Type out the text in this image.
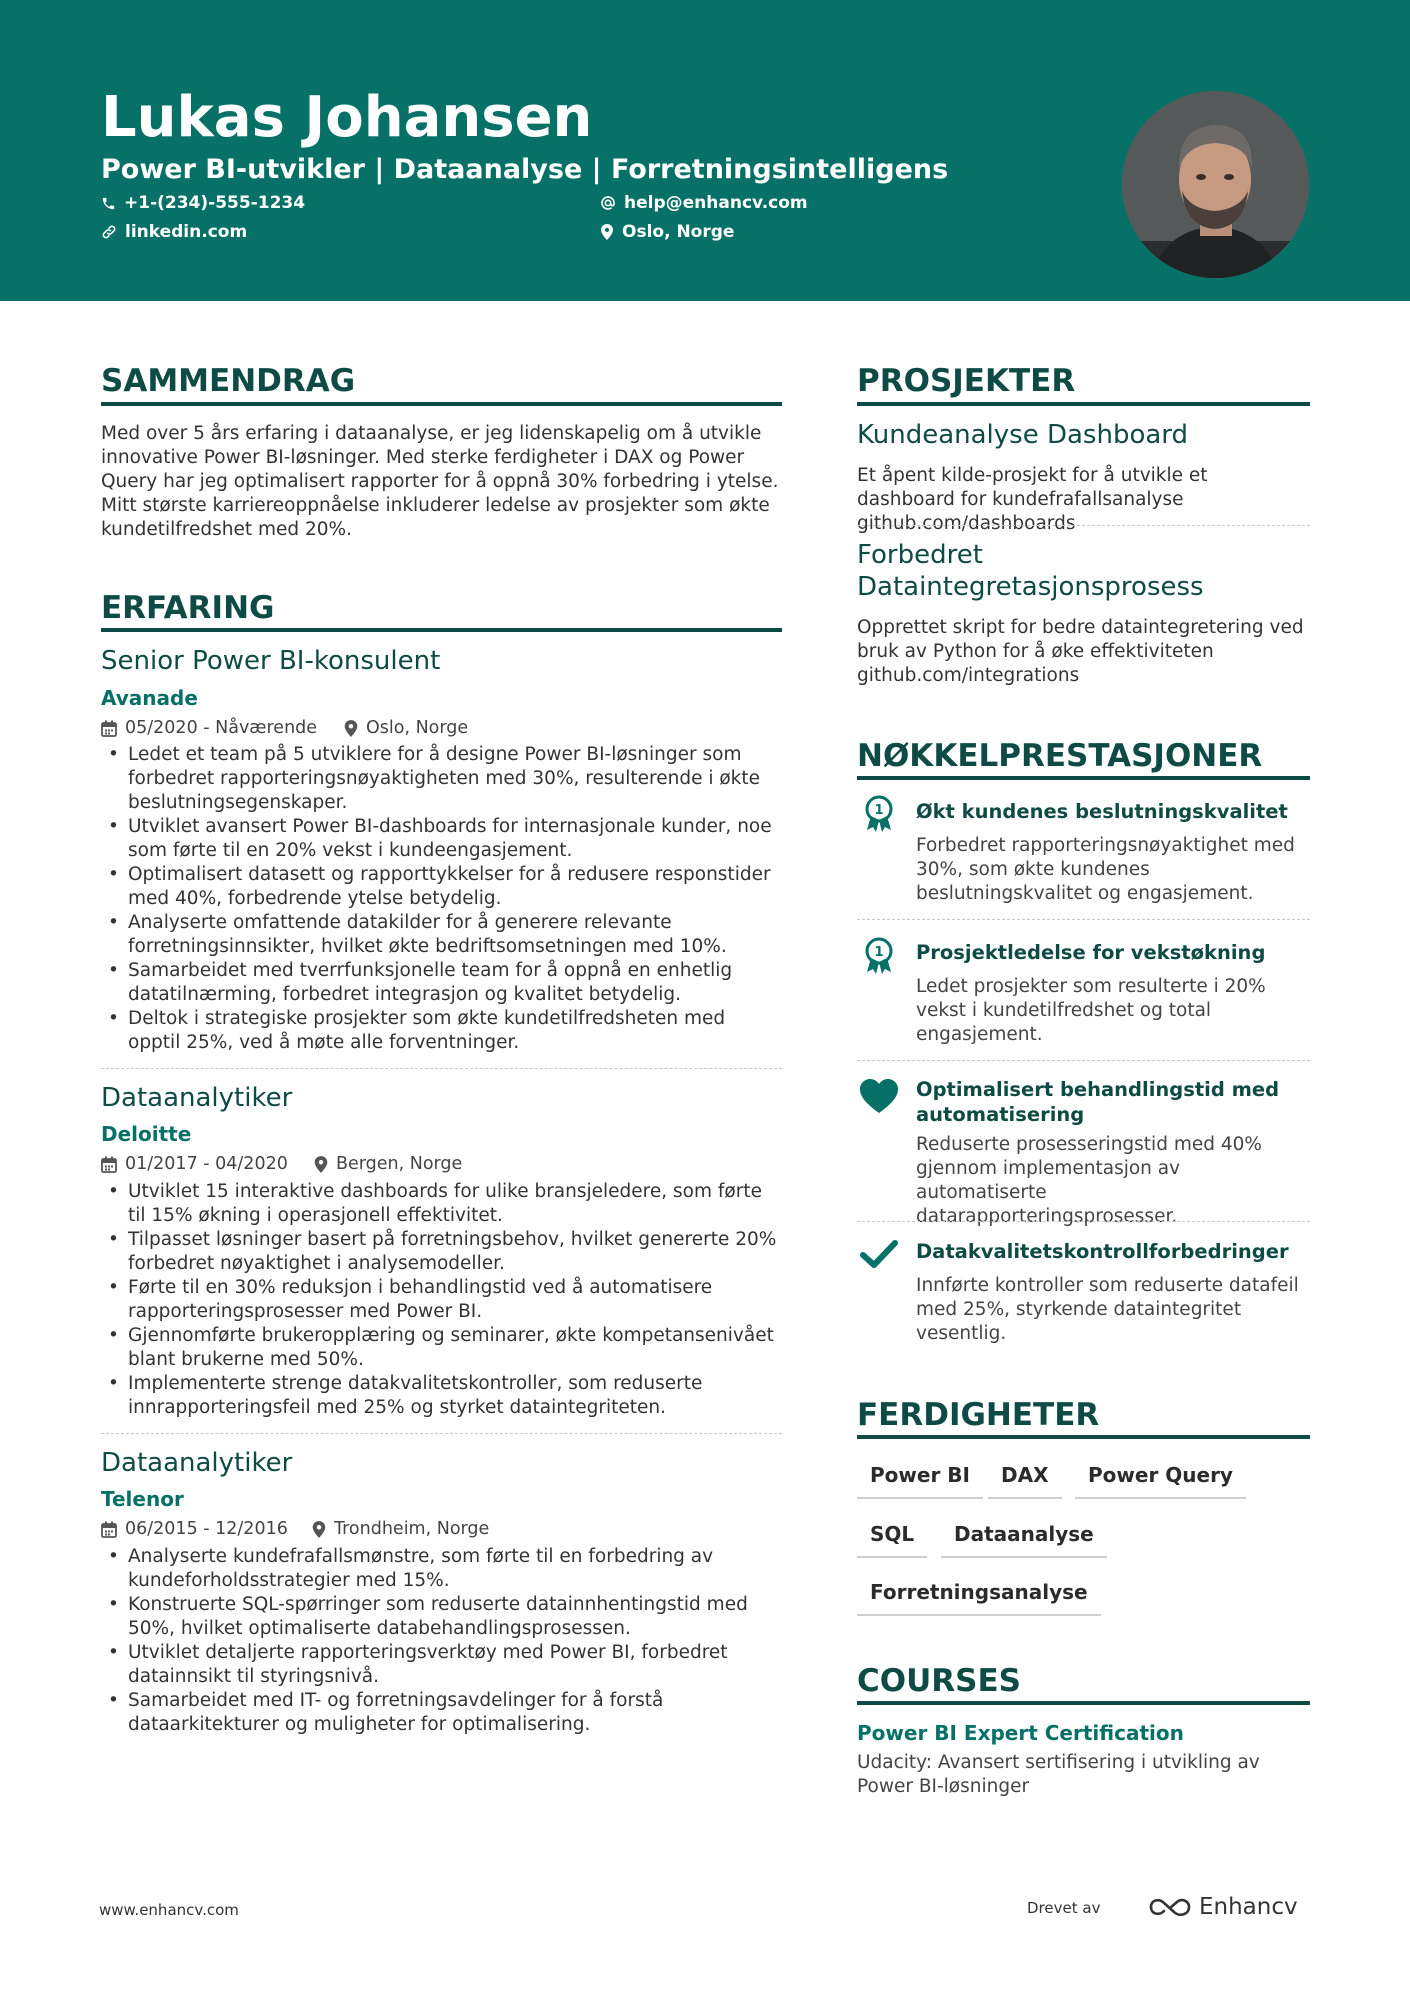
Lukas Johansen
Power BI-utvikler | Dataanalyse | Forretningsintelligens
+1-(234)-555-1234	help@enhancv.com
linkedin.com	Oslo, Norge
SAMMENDRAG
Med over 5 års erfaring i dataanalyse, er jeg lidenskapelig om å utvikle innovative Power BI-løsninger. Med sterke ferdigheter i DAX og Power Query har jeg optimalisert rapporter for å oppnå 30% forbedring i ytelse. Mitt største karriereoppnåelse inkluderer ledelse av prosjekter som økte kundetilfredshet med 20%.
ERFARING
Senior Power BI-konsulent
Avanade
05/2020 - Nåværende	Oslo, Norge
• Ledet et team på 5 utviklere for å designe Power BI-løsninger som forbedret rapporteringsnøyaktigheten med 30%, resulterende i økte beslutningsegenskaper.
• Utviklet avansert Power BI-dashboards for internasjonale kunder, noe som førte til en 20% vekst i kundeengasjement.
• Optimalisert datasett og rapporttykkelser for å redusere responstider med 40%, forbedrende ytelse betydelig.
• Analyserte omfattende datakilder for å generere relevante forretningsinnsikter, hvilket økte bedriftsomsetningen med 10%.
• Samarbeidet med tverrfunksjonelle team for å oppnå en enhetlig datatilnærming, forbedret integrasjon og kvalitet betydelig.
• Deltok i strategiske prosjekter som økte kundetilfredsheten med opptil 25%, ved å møte alle forventninger.
Dataanalytiker
Deloitte
01/2017 - 04/2020	Bergen, Norge
• Utviklet 15 interaktive dashboards for ulike bransjeledere, som førte til 15% økning i operasjonell effektivitet.
• Tilpasset løsninger basert på forretningsbehov, hvilket genererte 20% forbedret nøyaktighet i analysemodeller.
• Førte til en 30% reduksjon i behandlingstid ved å automatisere rapporteringsprosesser med Power BI.
• Gjennomførte brukeropplæring og seminarer, økte kompetansenivået blant brukerne med 50%.
• Implementerte strenge datakvalitetskontroller, som reduserte innrapporteringsfeil med 25% og styrket dataintegriteten.
Dataanalytiker
Telenor
06/2015 - 12/2016	Trondheim, Norge
• Analyserte kundefrafallsmønstre, som førte til en forbedring av kundeforholdsstrategier med 15%.
• Konstruerte SQL-spørringer som reduserte datainnhentingstid med 50%, hvilket optimaliserte databehandlingsprosessen.
• Utviklet detaljerte rapporteringsverktøy med Power BI, forbedret datainnsikt til styringsnivå.
• Samarbeidet med IT- og forretningsavdelinger for å forstå dataarkitekturer og muligheter for optimalisering.
PROSJEKTER
Kundeanalyse Dashboard
Et åpent kilde-prosjekt for å utvikle et dashboard for kundefrafallsanalyse github.com/dashboards
Forbedret Dataintegretasjonsprosess
Opprettet skript for bedre dataintegretering ved bruk av Python for å øke effektiviteten github.com/integrations
NØKKELPRESTASJONER
1 Økt kundenes beslutningskvalitet
Forbedret rapporteringsnøyaktighet med 30%, som økte kundenes beslutningskvalitet og engasjement.
1 Prosjektledelse for vekstøkning
Ledet prosjekter som resulterte i 20% vekst i kundetilfredshet og total engasjement.
Optimalisert behandlingstid med automatisering
Reduserte prosesseringstid med 40% gjennom implementasjon av automatiserte datarapporteringsprosesser.
Datakvalitetskontrollforbedringer
Innførte kontroller som reduserte datafeil med 25%, styrkende dataintegritet vesentlig.
FERDIGHETER
Power BI	DAX	Power Query
SQL	Dataanalyse
Forretningsanalyse
COURSES
Power BI Expert Certification
Udacity: Avansert sertifisering i utvikling av Power BI-løsninger
www.enhancv.com	Drevet av	Enhancv
